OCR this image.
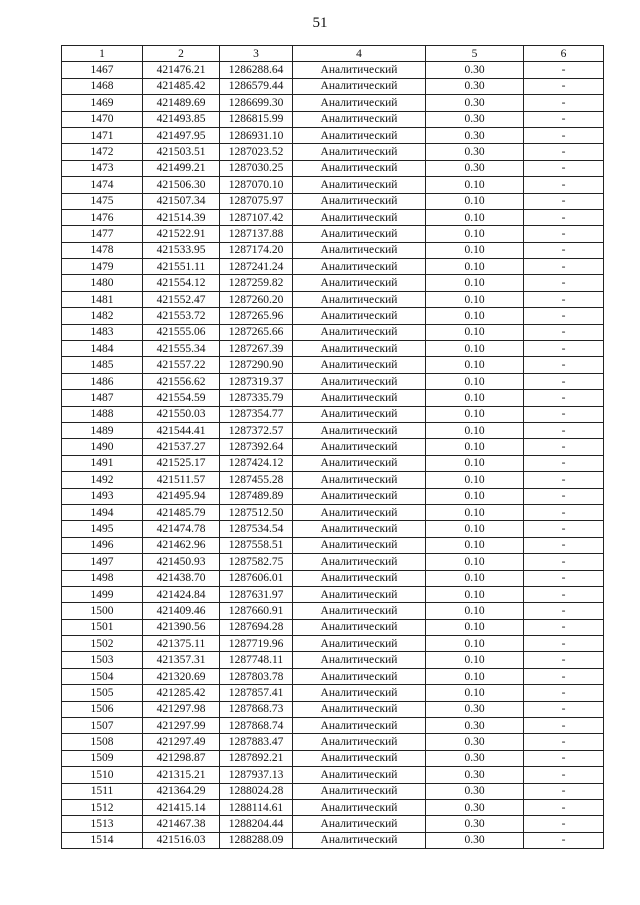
51
1	2	3	4	5	6
1467	421476.21	1286288.64	Аналитический	0.30	-
1468	421485.42	1286579.44	Аналитический	0.30	-
1469	421489.69	1286699.30	Аналитический	0.30	-
1470	421493.85	1286815.99	Аналитический	0.30	-
1471	421497.95	1286931.10	Аналитический	0.30	-
1472	421503.51	1287023.52	Аналитический	0.30	-
1473	421499.21	1287030.25	Аналитический	0.30	-
1474	421506.30	1287070.10	Аналитический	0.10	-
1475	421507.34	1287075.97	Аналитический	0.10	-
1476	421514.39	1287107.42	Аналитический	0.10	-
1477	421522.91	1287137.88	Аналитический	0.10	-
1478	421533.95	1287174.20	Аналитический	0.10	-
1479	421551.11	1287241.24	Аналитический	0.10	-
1480	421554.12	1287259.82	Аналитический	0.10	-
1481	421552.47	1287260.20	Аналитический	0.10	-
1482	421553.72	1287265.96	Аналитический	0.10	-
1483	421555.06	1287265.66	Аналитический	0.10	-
1484	421555.34	1287267.39	Аналитический	0.10	-
1485	421557.22	1287290.90	Аналитический	0.10	-
1486	421556.62	1287319.37	Аналитический	0.10	-
1487	421554.59	1287335.79	Аналитический	0.10	-
1488	421550.03	1287354.77	Аналитический	0.10	-
1489	421544.41	1287372.57	Аналитический	0.10	-
1490	421537.27	1287392.64	Аналитический	0.10	-
1491	421525.17	1287424.12	Аналитический	0.10	-
1492	421511.57	1287455.28	Аналитический	0.10	-
1493	421495.94	1287489.89	Аналитический	0.10	-
1494	421485.79	1287512.50	Аналитический	0.10	-
1495	421474.78	1287534.54	Аналитический	0.10	-
1496	421462.96	1287558.51	Аналитический	0.10	-
1497	421450.93	1287582.75	Аналитический	0.10	-
1498	421438.70	1287606.01	Аналитический	0.10	-
1499	421424.84	1287631.97	Аналитический	0.10	-
1500	421409.46	1287660.91	Аналитический	0.10	-
1501	421390.56	1287694.28	Аналитический	0.10	-
1502	421375.11	1287719.96	Аналитический	0.10	-
1503	421357.31	1287748.11	Аналитический	0.10	-
1504	421320.69	1287803.78	Аналитический	0.10	-
1505	421285.42	1287857.41	Аналитический	0.10	-
1506	421297.98	1287868.73	Аналитический	0.30	-
1507	421297.99	1287868.74	Аналитический	0.30	-
1508	421297.49	1287883.47	Аналитический	0.30	-
1509	421298.87	1287892.21	Аналитический	0.30	-
1510	421315.21	1287937.13	Аналитический	0.30	-
1511	421364.29	1288024.28	Аналитический	0.30	-
1512	421415.14	1288114.61	Аналитический	0.30	-
1513	421467.38	1288204.44	Аналитический	0.30	-
1514	421516.03	1288288.09	Аналитический	0.30	-
